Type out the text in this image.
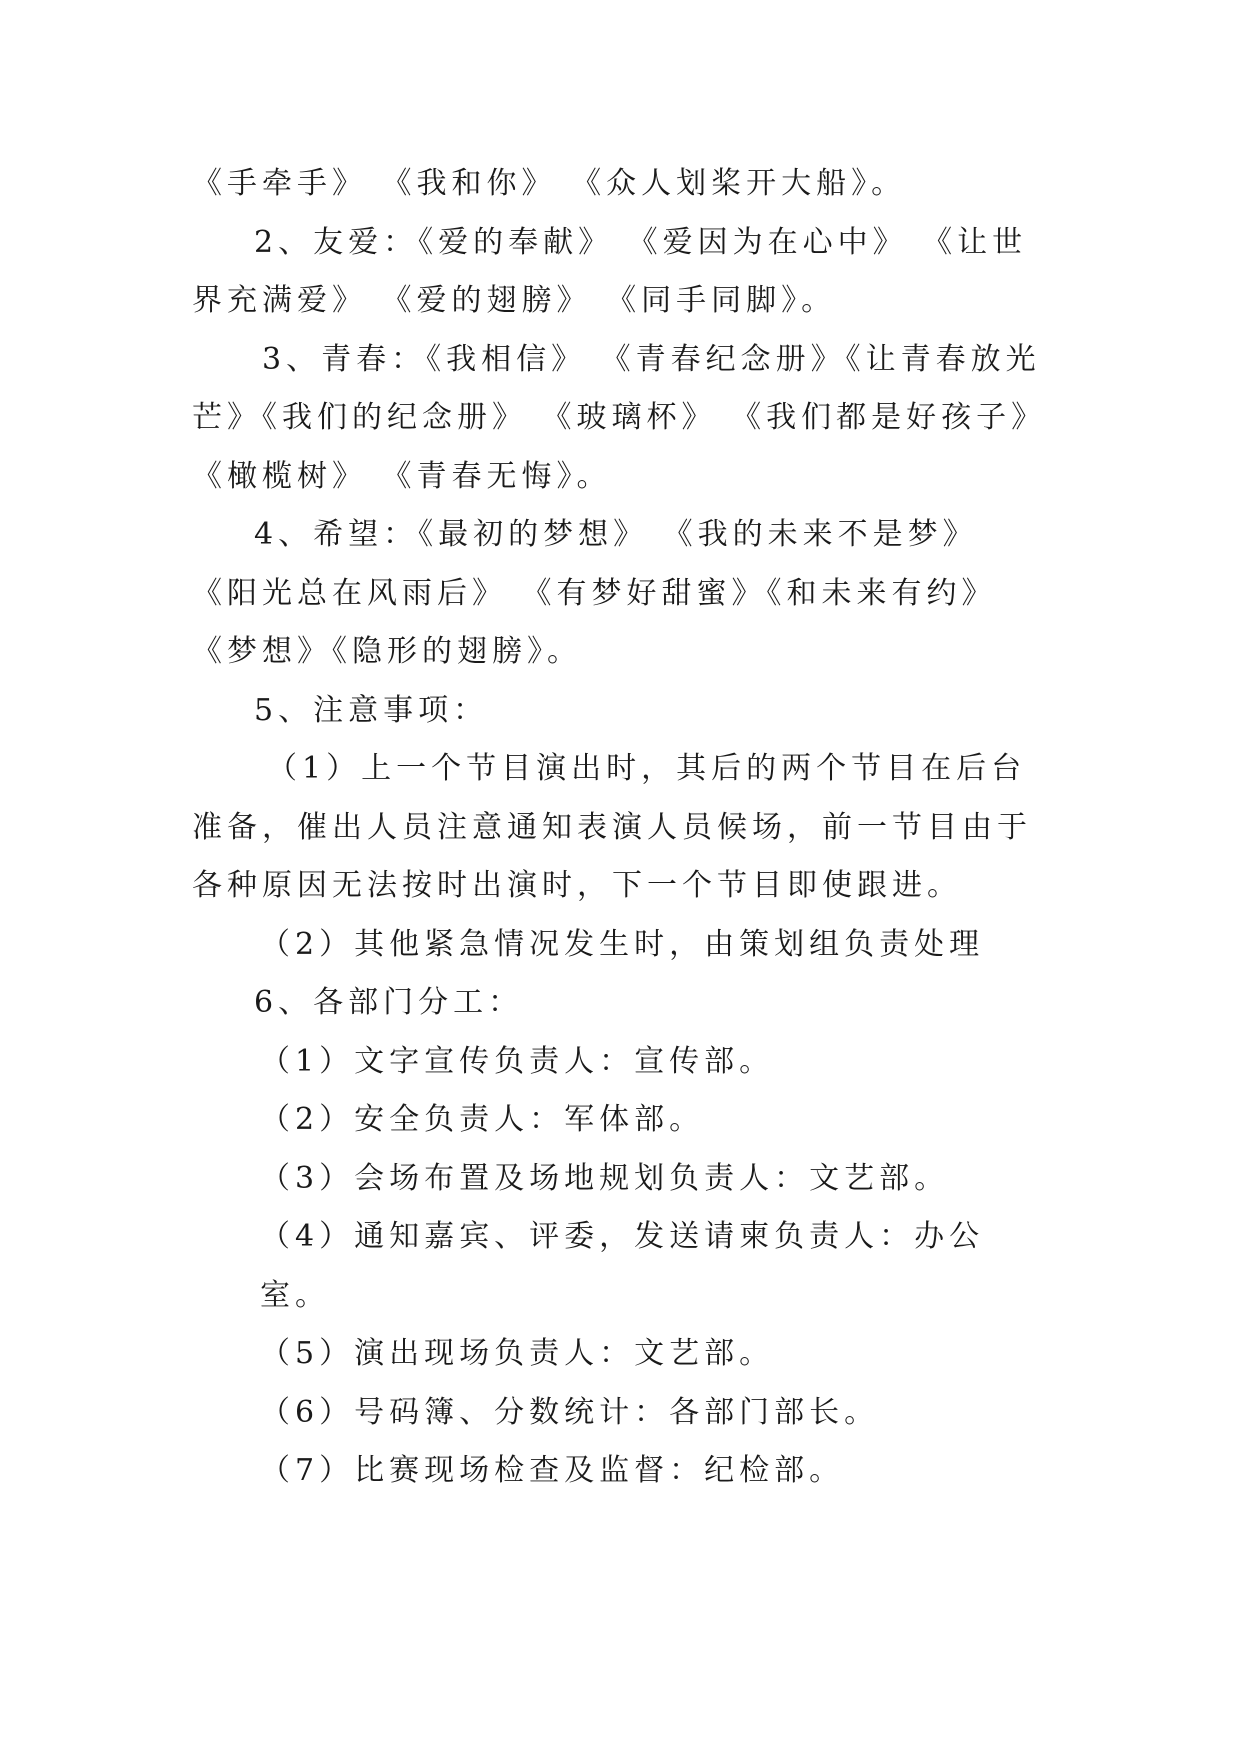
《手牵手》 《我和你》 《众人划桨开大船》。

2、友爱：《爱的奉献》 《爱因为在心中》 《让世界充满爱》 《爱的翅膀》 《同手同脚》。

3、青春：《我相信》 《青春纪念册》《让青春放光芒》《我们的纪念册》 《玻璃杯》 《我们都是好孩子》 《橄榄树》 《青春无悔》。

4、希望：《最初的梦想》 《我的未来不是梦》 《阳光总在风雨后》 《有梦好甜蜜》《和未来有约》 《梦想》《隐形的翅膀》。

5、注意事项：

（1）上一个节目演出时，其后的两个节目在后台准备，催出人员注意通知表演人员候场，前一节目由于各种原因无法按时出演时，下一个节目即使跟进。

（2）其他紧急情况发生时，由策划组负责处理

6、各部门分工：

（1）文字宣传负责人：宣传部。

（2）安全负责人：军体部。

（3）会场布置及场地规划负责人：文艺部。

（4）通知嘉宾、评委，发送请柬负责人：办公室。

（5）演出现场负责人：文艺部。

（6）号码簿、分数统计：各部门部长。

（7）比赛现场检查及监督：纪检部。
